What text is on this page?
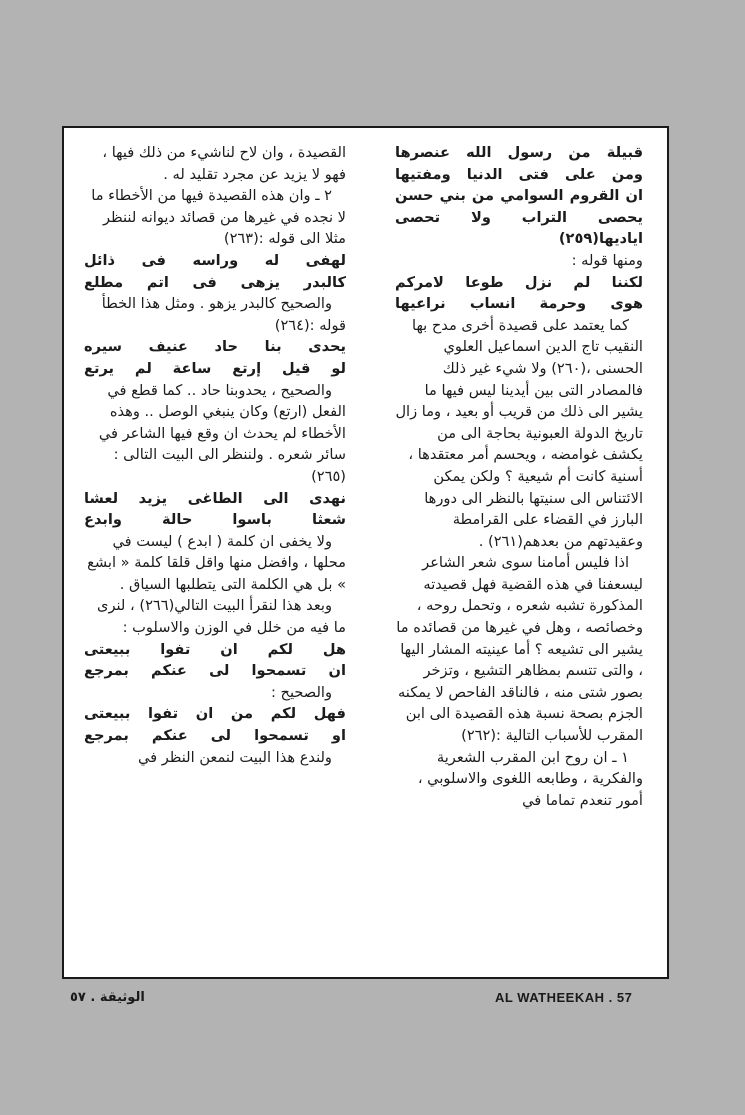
قبيلة من رسول الله عنصرها

ومن على فتى الدنيا ومفتيها

ان القروم السوامي من بني حسن

يحصى التراب ولا تحصى اياديها(٢٥٩)

ومنها قوله :

لكننا لم نزل طوعا لامركم

هوى وحرمة انساب نراعيها

كما يعتمد على قصيدة أخرى مدح بها النقيب تاج الدين اسماعيل العلوي الحسنى ،(٢٦٠) ولا شيء غير ذلك فالمصادر التى بين أيدينا ليس فيها ما يشير الى ذلك من قريب أو بعيد ، وما زال تاريخ الدولة العبونية بحاجة الى من يكشف غوامضه ، ويحسم أمر معتقدها ، أسنية كانت أم شيعية ؟ ولكن يمكن الائتناس الى سنيتها بالنظر الى دورها البارز في القضاء على القرامطة وعقيدتهم من بعدهم(٢٦١) .

اذا فليس أمامنا سوى شعر الشاعر ليسعفنا في هذه القضية فهل قصيدته المذكورة تشبه شعره ، وتحمل روحه ، وخصائصه ، وهل في غيرها من قصائده ما يشير الى تشيعه ؟ أما عينيته المشار اليها ، والتى تتسم بمظاهر التشيع ، وتزخر بصور شتى منه ، فالناقد الفاحص لا يمكنه الجزم بصحة نسبة هذه القصيدة الى ابن المقرب للأسباب التالية :(٢٦٢)

١ ـ ان روح ابن المقرب الشعرية والفكرية ، وطابعه اللغوى والاسلوبي ، أمور تنعدم تماما في

القصيدة ، وان لاح لناشيء من ذلك فيها ، فهو لا يزيد عن مجرد تقليد له .

٢ ـ وان هذه القصيدة فيها من الأخطاء ما لا نجده في غيرها من قصائد ديوانه لننظر مثلا الى قوله :(٢٦٣)

لهفى له وراسه فى ذائل

كالبدر يزهى فى اتم مطلع

والصحيح كالبدر يزهو . ومثل هذا الخطأ قوله :(٢٦٤)

يحدى بنا حاد عنيف سيره

لو قيل إرتع ساعة لم يرتع

والصحيح ، يحدوبنا حاد .. كما قطع في الفعل (ارتع) وكان ينبغي الوصل .. وهذه الأخطاء لم يحدث ان وقع فيها الشاعر في سائر شعره . ولننظر الى البيت التالى :(٢٦٥)

نهدى الى الطاغى يزيد لعشا

شعثا باسوا حالة وابدع

ولا يخفى ان كلمة ( ابدع ) ليست في محلها ، وافضل منها واقل قلقا كلمة « ابشع » بل هي الكلمة التى يتطلبها السياق .

وبعد هذا لنقرأ البيت التالي(٢٦٦) ، لنرى ما فيه من خلل في الوزن والاسلوب :

هل لكم ان تفوا ببيعتى

ان تسمحوا لى عنكم بمرجع

والصحيح :

فهل لكم من ان تفوا ببيعتى

او تسمحوا لى عنكم بمرجع

ولندع هذا البيت لنمعن النظر في

الوثيقة . ٥٧	AL WATHEEKAH . 57
